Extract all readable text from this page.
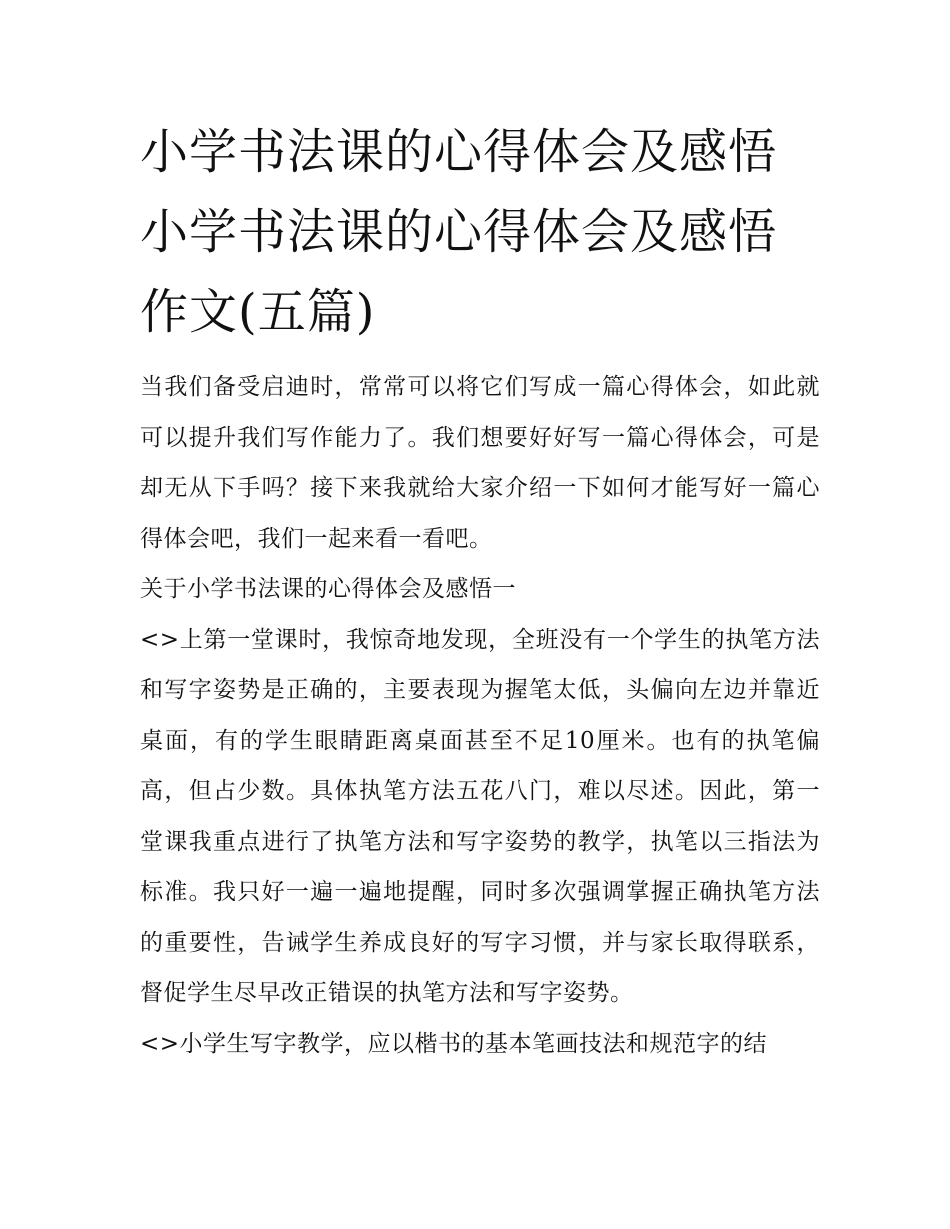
小学书法课的心得体会及感悟
小学书法课的心得体会及感悟
作文(五篇)

当我们备受启迪时，常常可以将它们写成一篇心得体会，如此就可以提升我们写作能力了。我们想要好好写一篇心得体会，可是却无从下手吗？接下来我就给大家介绍一下如何才能写好一篇心得体会吧，我们一起来看一看吧。

关于小学书法课的心得体会及感悟一

<>上第一堂课时，我惊奇地发现，全班没有一个学生的执笔方法和写字姿势是正确的，主要表现为握笔太低，头偏向左边并靠近桌面，有的学生眼睛距离桌面甚至不足10厘米。也有的执笔偏高，但占少数。具体执笔方法五花八门，难以尽述。因此，第一堂课我重点进行了执笔方法和写字姿势的教学，执笔以三指法为标准。我只好一遍一遍地提醒，同时多次强调掌握正确执笔方法的重要性，告诫学生养成良好的写字习惯，并与家长取得联系，督促学生尽早改正错误的执笔方法和写字姿势。

<>小学生写字教学，应以楷书的基本笔画技法和规范字的结
